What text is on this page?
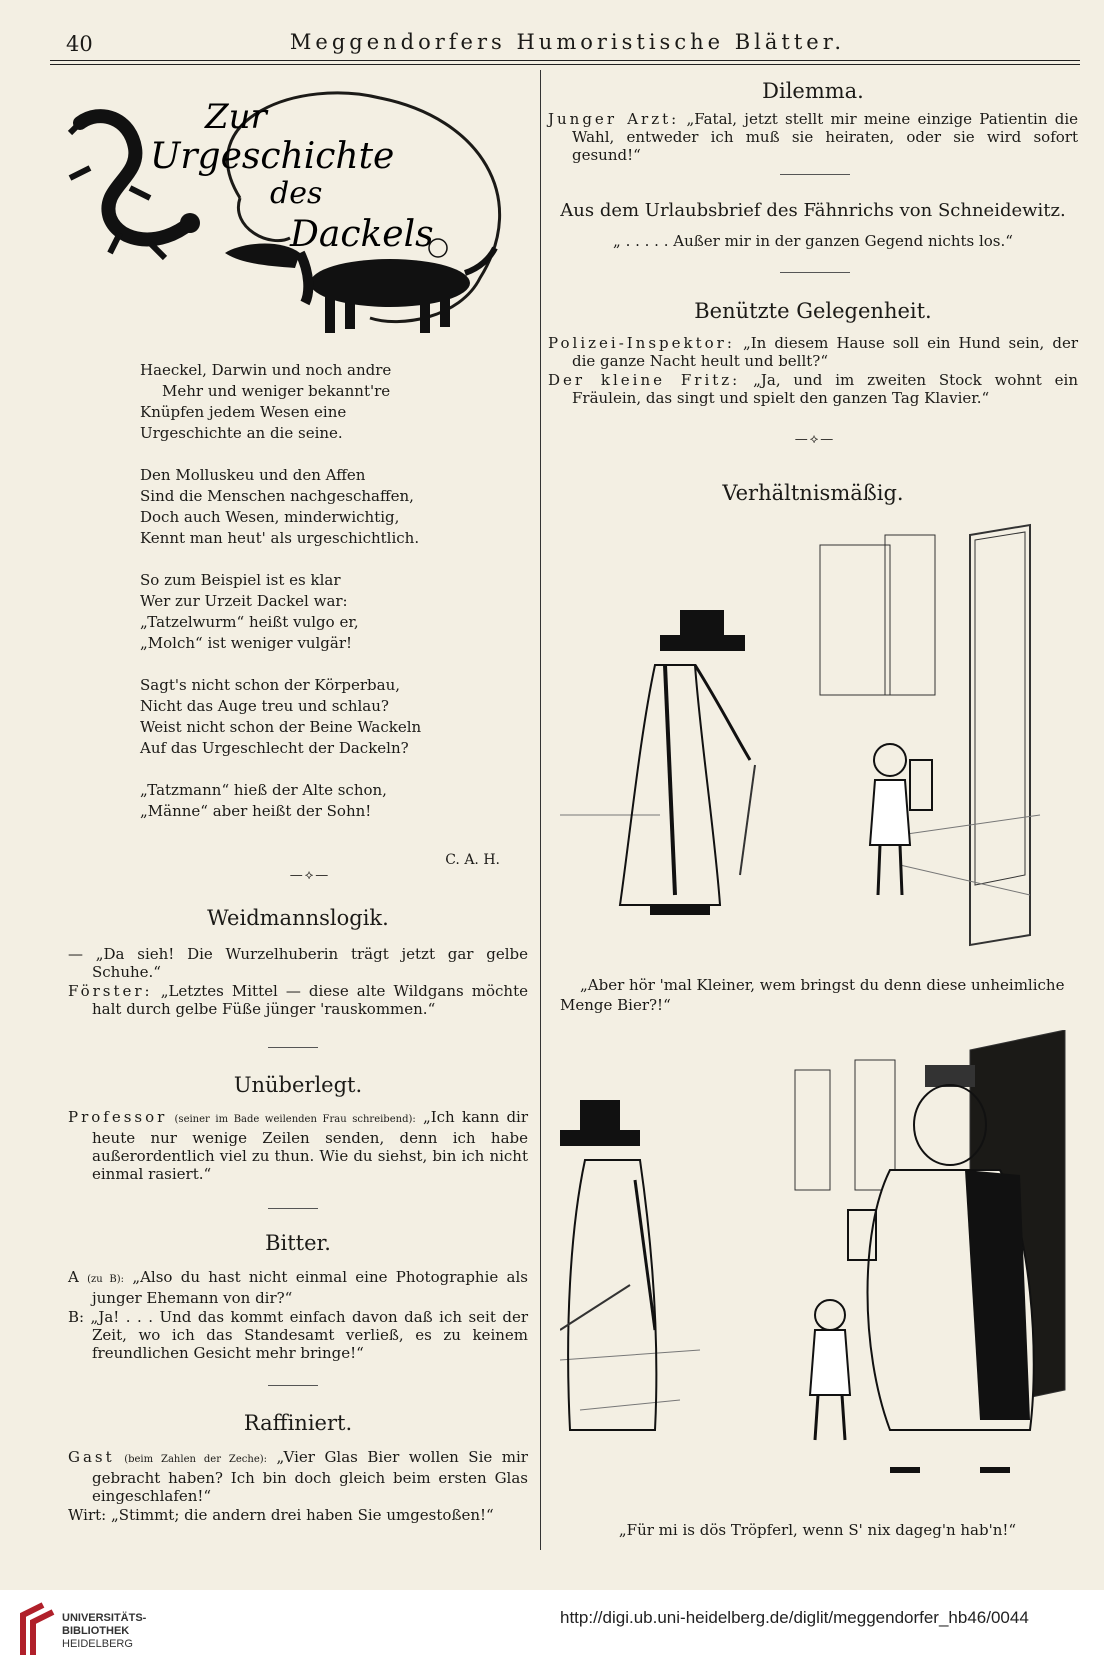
40	Meggendorfers Humoristische Blätter.
Zur
Urgeschichte
des
Dackels

Haeckel, Darwin und noch andre

Mehr und weniger bekannt're

Knüpfen jedem Wesen eine

Urgeschichte an die seine.

Den Molluskeu und den Affen

Sind die Menschen nachgeschaffen,

Doch auch Wesen, minderwichtig,

Kennt man heut' als urgeschichtlich.

So zum Beispiel ist es klar

Wer zur Urzeit Dackel war:

„Tatzelwurm“ heißt vulgo er,

„Molch“ ist weniger vulgär!

Sagt's nicht schon der Körperbau,

Nicht das Auge treu und schlau?

Weist nicht schon der Beine Wackeln

Auf das Urgeschlecht der Dackeln?

„Tatzmann“ hieß der Alte schon,

„Männe“ aber heißt der Sohn!

C. A. H.
—⟡—
Weidmannslogik.

— „Da sieh! Die Wurzelhuberin trägt jetzt gar gelbe Schuhe.“

Förster: „Letztes Mittel — diese alte Wildgans möchte halt durch gelbe Füße jünger 'rauskommen.“

Unüberlegt.

Professor (seiner im Bade weilenden Frau schreibend): „Ich kann dir heute nur wenige Zeilen senden, denn ich habe außerordentlich viel zu thun. Wie du siehst, bin ich nicht einmal rasiert.“

Bitter.

A (zu B): „Also du hast nicht einmal eine Photographie als junger Ehemann von dir?“

B: „Ja! . . . Und das kommt einfach davon daß ich seit der Zeit, wo ich das Standesamt verließ, es zu keinem freundlichen Gesicht mehr bringe!“

Raffiniert.

Gast (beim Zahlen der Zeche): „Vier Glas Bier wollen Sie mir gebracht haben? Ich bin doch gleich beim ersten Glas eingeschlafen!“

Wirt: „Stimmt; die andern drei haben Sie umgestoßen!“

Dilemma.

Junger Arzt: „Fatal, jetzt stellt mir meine einzige Patientin die Wahl, entweder ich muß sie heiraten, oder sie wird sofort gesund!“

Aus dem Urlaubsbrief des Fähnrichs von Schneidewitz.
„ . . . . . Außer mir in der ganzen Gegend nichts los.“
Benützte Gelegenheit.

Polizei-Inspektor: „In diesem Hause soll ein Hund sein, der die ganze Nacht heult und bellt?“

Der kleine Fritz: „Ja, und im zweiten Stock wohnt ein Fräulein, das singt und spielt den ganzen Tag Klavier.“

—⟡—
Verhältnismäßig.
„Aber hör 'mal Kleiner, wem bringst du denn diese unheimliche Menge Bier?!“
„Für mi is dös Tröpferl, wenn S' nix dageg'n hab'n!“
UNIVERSITÄTS-
BIBLIOTHEK
HEIDELBERG
http://digi.ub.uni-heidelberg.de/diglit/meggendorfer_hb46/0044
